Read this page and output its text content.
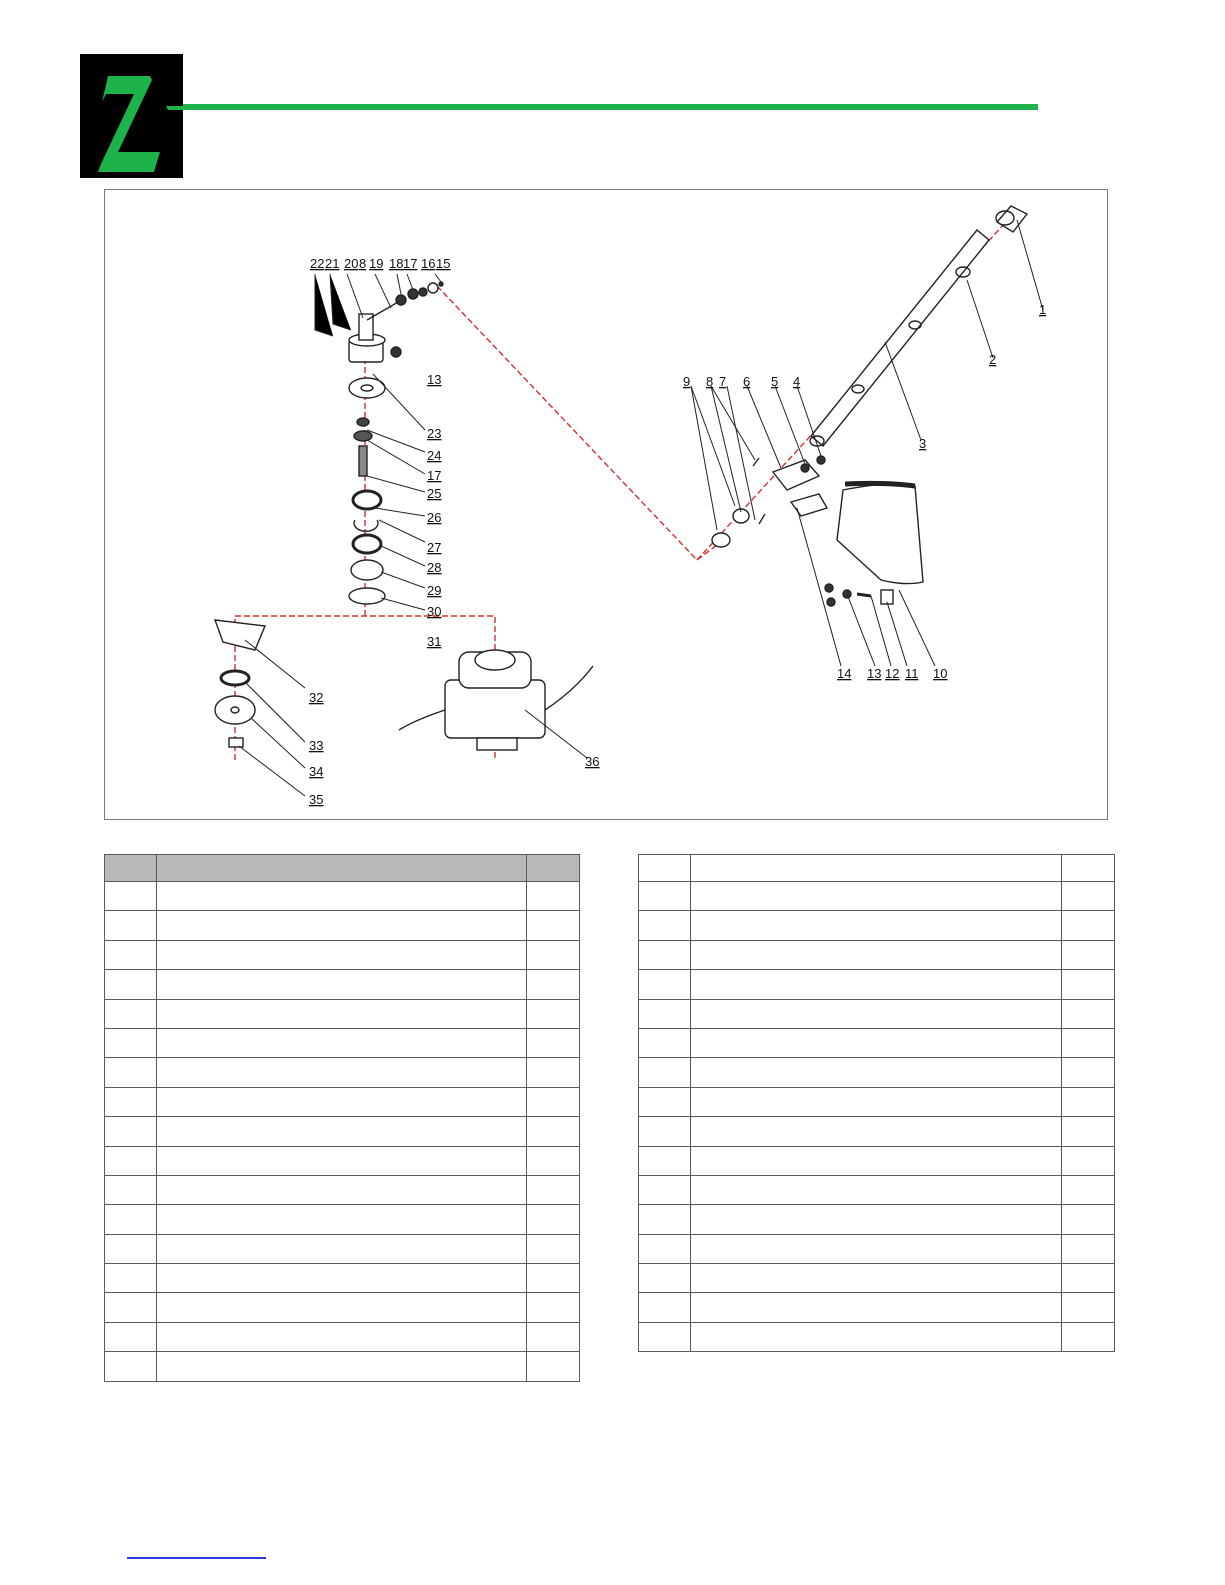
22 21 20 8 19 18 17 16 15
13
23
24
17
25
26
27
28
29
30
31
32
33
34
35
36
1
2
3
9 8 7 6 5 4
14 13 12 11 10
